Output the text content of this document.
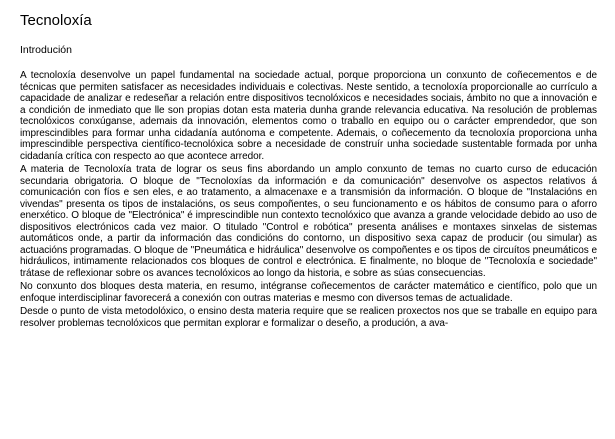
Tecnoloxía
Introdución

A tecnoloxía desenvolve un papel fundamental na sociedade actual, porque proporciona un conxunto de coñecementos e de técnicas que permiten satisfacer as necesidades individuais e colectivas. Neste sentido, a tecnoloxía proporcionalle ao currículo a capacidade de analizar e redeseñar a relación entre dispositivos tecnolóxicos e necesidades sociais, ámbito no que a innovación e a condición de inmediato que lle son propias dotan esta materia dunha grande relevancia educativa. Na resolución de problemas tecnolóxicos conxúganse, ademais da innovación, elementos como o traballo en equipo ou o carácter emprendedor, que son imprescindibles para formar unha cidadanía autónoma e competente. Ademais, o coñecemento da tecnoloxía proporciona unha imprescindible perspectiva científico-tecnolóxica sobre a necesidade de construír unha sociedade sustentable formada por unha cidadanía crítica con respecto ao que acontece arredor.

A materia de Tecnoloxía trata de lograr os seus fins abordando un amplo conxunto de temas no cuarto curso de educación secundaria obrigatoria. O bloque de "Tecnoloxías da información e da comunicación" desenvolve os aspectos relativos á comunicación con fíos e sen eles, e ao tratamento, a almacenaxe e a transmisión da información. O bloque de "Instalacións en vivendas" presenta os tipos de instalacións, os seus compoñentes, o seu funcionamento e os hábitos de consumo para o aforro enerxético. O bloque de "Electrónica" é imprescindible nun contexto tecnolóxico que avanza a grande velocidade debido ao uso de dispositivos electrónicos cada vez maior. O titulado "Control e robótica" presenta análises e montaxes sinxelas de sistemas automáticos onde, a partir da información das condicións do contorno, un dispositivo sexa capaz de producir (ou simular) as actuacións programadas. O bloque de "Pneumática e hidráulica" desenvolve os compoñentes e os tipos de circuítos pneumáticos e hidráulicos, intimamente relacionados cos bloques de control e electrónica. E finalmente, no bloque de "Tecnoloxía e sociedade" trátase de reflexionar sobre os avances tecnolóxicos ao longo da historia, e sobre as súas consecuencias.

No conxunto dos bloques desta materia, en resumo, intégranse coñecementos de carácter matemático e científico, polo que un enfoque interdisciplinar favorecerá a conexión con outras materias e mesmo con diversos temas de actualidade.

Desde o punto de vista metodolóxico, o ensino desta materia require que se realicen proxectos nos que se traballe en equipo para resolver problemas tecnolóxicos que permitan explorar e formalizar o deseño, a produción, a ava-
